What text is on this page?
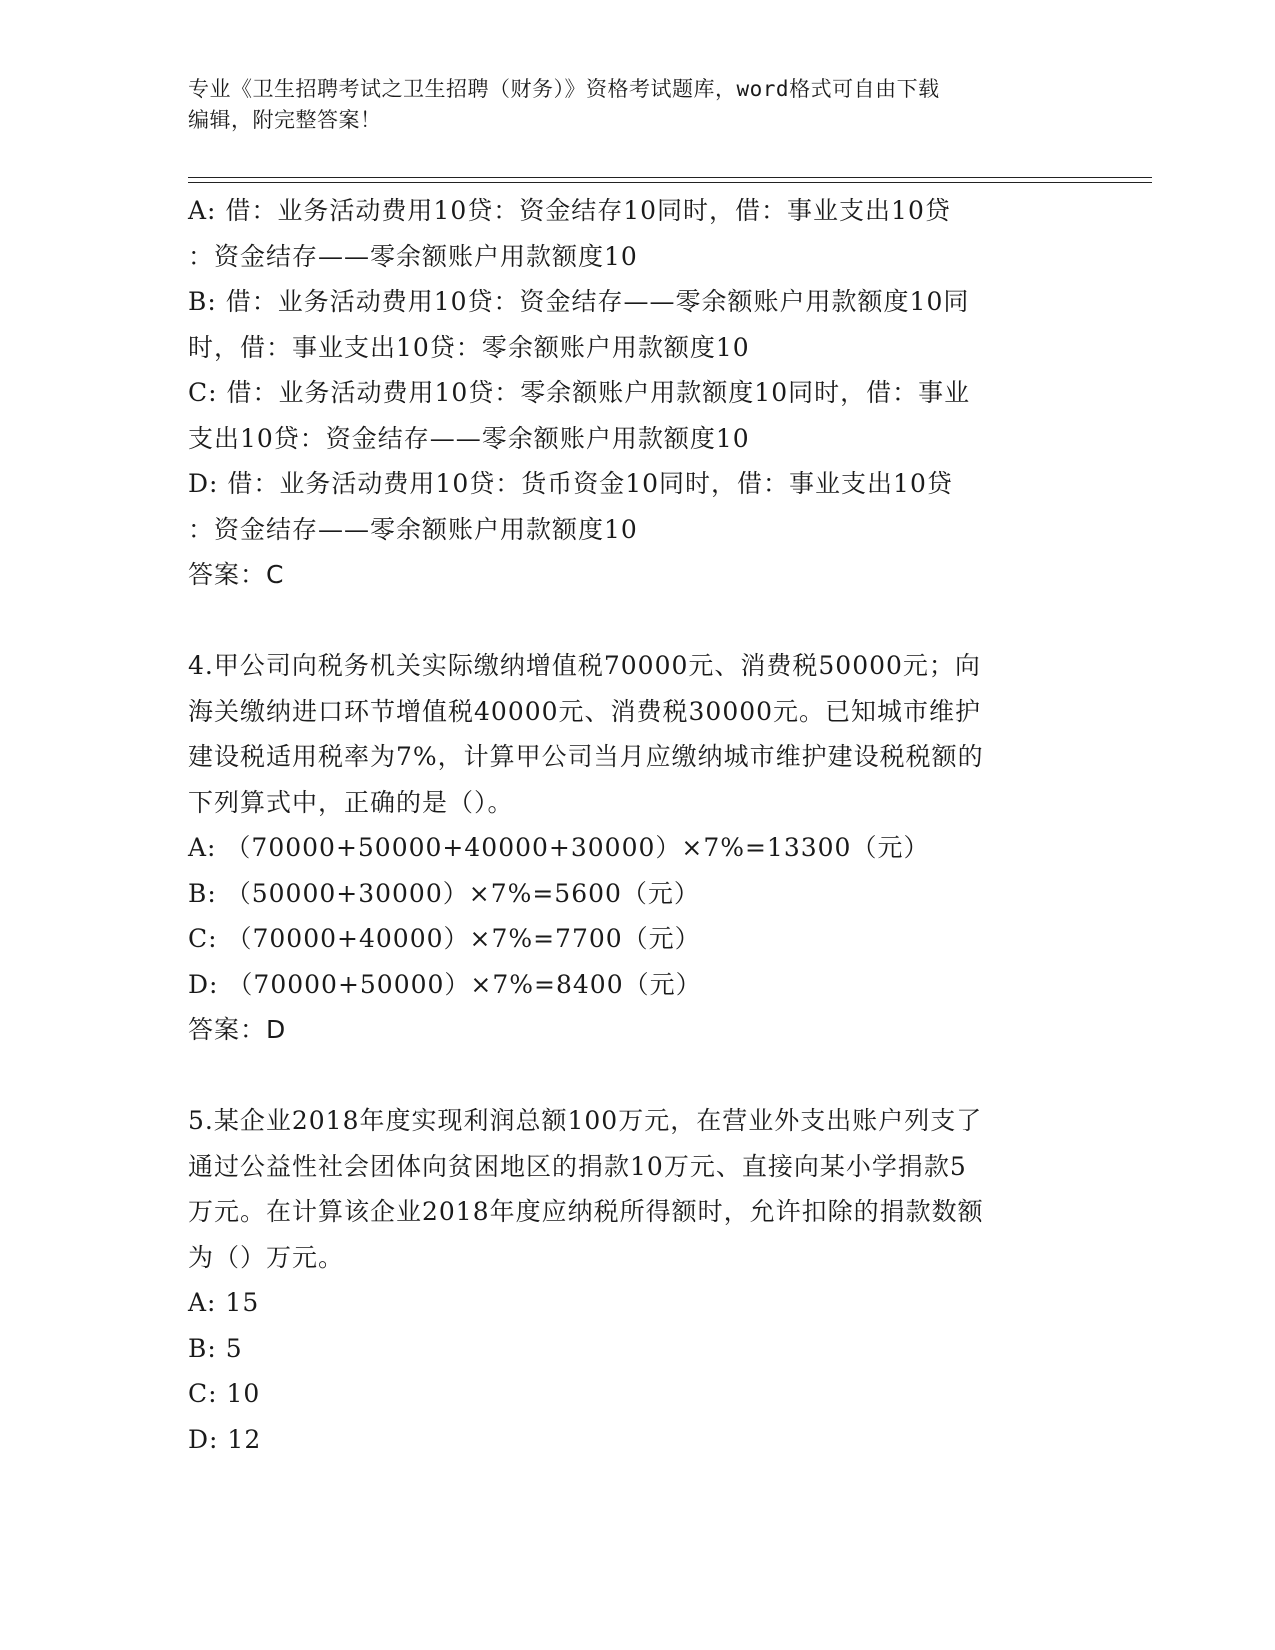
专业《卫生招聘考试之卫生招聘（财务）》资格考试题库，word格式可自由下载
编辑，附完整答案！
A: 借：业务活动费用10贷：资金结存10同时，借：事业支出10贷
：资金结存——零余额账户用款额度10
B: 借：业务活动费用10贷：资金结存——零余额账户用款额度10同
时，借：事业支出10贷：零余额账户用款额度10
C: 借：业务活动费用10贷：零余额账户用款额度10同时，借：事业
支出10贷：资金结存——零余额账户用款额度10
D: 借：业务活动费用10贷：货币资金10同时，借：事业支出10贷
：资金结存——零余额账户用款额度10
答案：C
4.甲公司向税务机关实际缴纳增值税70000元、消费税50000元；向
海关缴纳进口环节增值税40000元、消费税30000元。已知城市维护
建设税适用税率为7%，计算甲公司当月应缴纳城市维护建设税税额的
下列算式中，正确的是（）。
A: （70000+50000+40000+30000）×7%=13300（元）
B: （50000+30000）×7%=5600（元）
C: （70000+40000）×7%=7700（元）
D: （70000+50000）×7%=8400（元）
答案：D
5.某企业2018年度实现利润总额100万元，在营业外支出账户列支了
通过公益性社会团体向贫困地区的捐款10万元、直接向某小学捐款5
万元。在计算该企业2018年度应纳税所得额时，允许扣除的捐款数额
为（）万元。
A: 15
B: 5
C: 10
D: 12
